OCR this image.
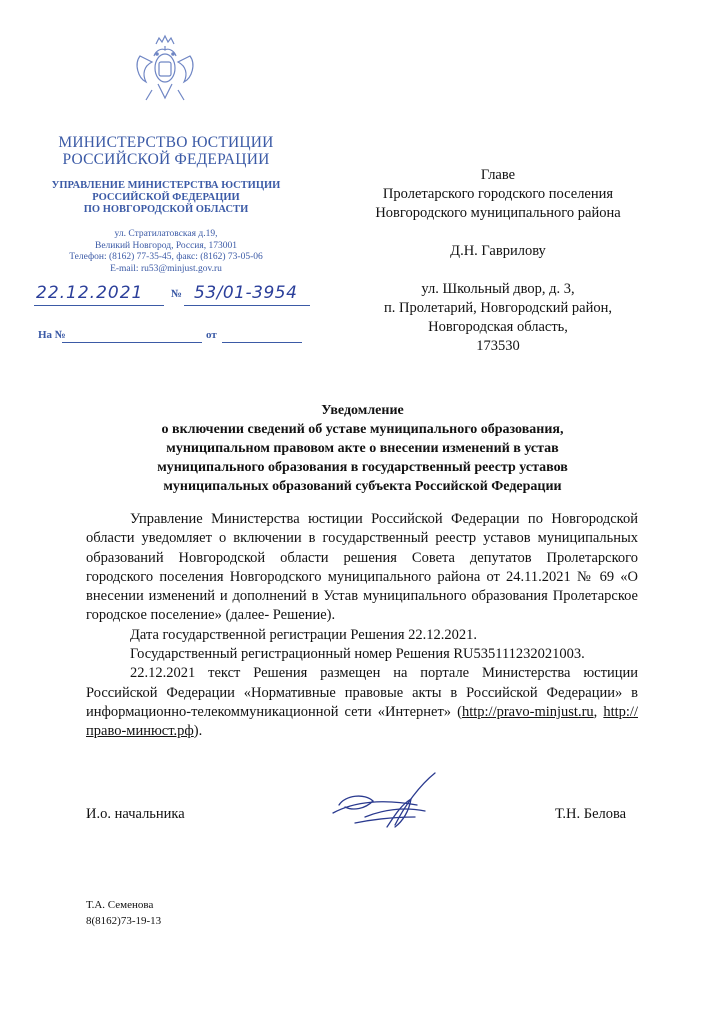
МИНИСТЕРСТВО ЮСТИЦИИ
РОССИЙСКОЙ ФЕДЕРАЦИИ
УПРАВЛЕНИЕ МИНИСТЕРСТВА ЮСТИЦИИ
РОССИЙСКОЙ ФЕДЕРАЦИИ
ПО НОВГОРОДСКОЙ ОБЛАСТИ
ул. Стратилатовская д.19,
Великий Новгород, Россия, 173001
Телефон: (8162) 77-35-45, факс: (8162) 73-05-06
E-mail: ru53@minjust.gov.ru
22.12.2021	№ 53/01-3954
На №	от
Главе
Пролетарского городского поселения
Новгородского муниципального района
Д.Н. Гаврилову
ул. Школьный двор, д. 3,
п. Пролетарий, Новгородский район,
Новгородская область,
173530
Уведомление
о включении сведений об уставе муниципального образования,
муниципальном правовом акте о внесении изменений в устав
муниципального образования в государственный реестр уставов
муниципальных образований субъекта Российской Федерации

Управление Министерства юстиции Российской Федерации по Новгородской области уведомляет о включении в государственный реестр уставов муниципальных образований Новгородской области решения Совета депутатов Пролетарского городского поселения Новгородского муниципального района от 24.11.2021 № 69 «О внесении изменений и дополнений в Устав муниципального образования Пролетарское городское поселение» (далее- Решение).

Дата государственной регистрации Решения 22.12.2021.

Государственный регистрационный номер Решения RU535111232021003.

22.12.2021 текст Решения размещен на портале Министерства юстиции Российской Федерации «Нормативные правовые акты в Российской Федерации» в информационно-телекоммуникационной сети «Интернет» (http://pravo-minjust.ru, http://право-минюст.рф).

И.о. начальника	Т.Н. Белова
Т.А. Семенова
8(8162)73-19-13
